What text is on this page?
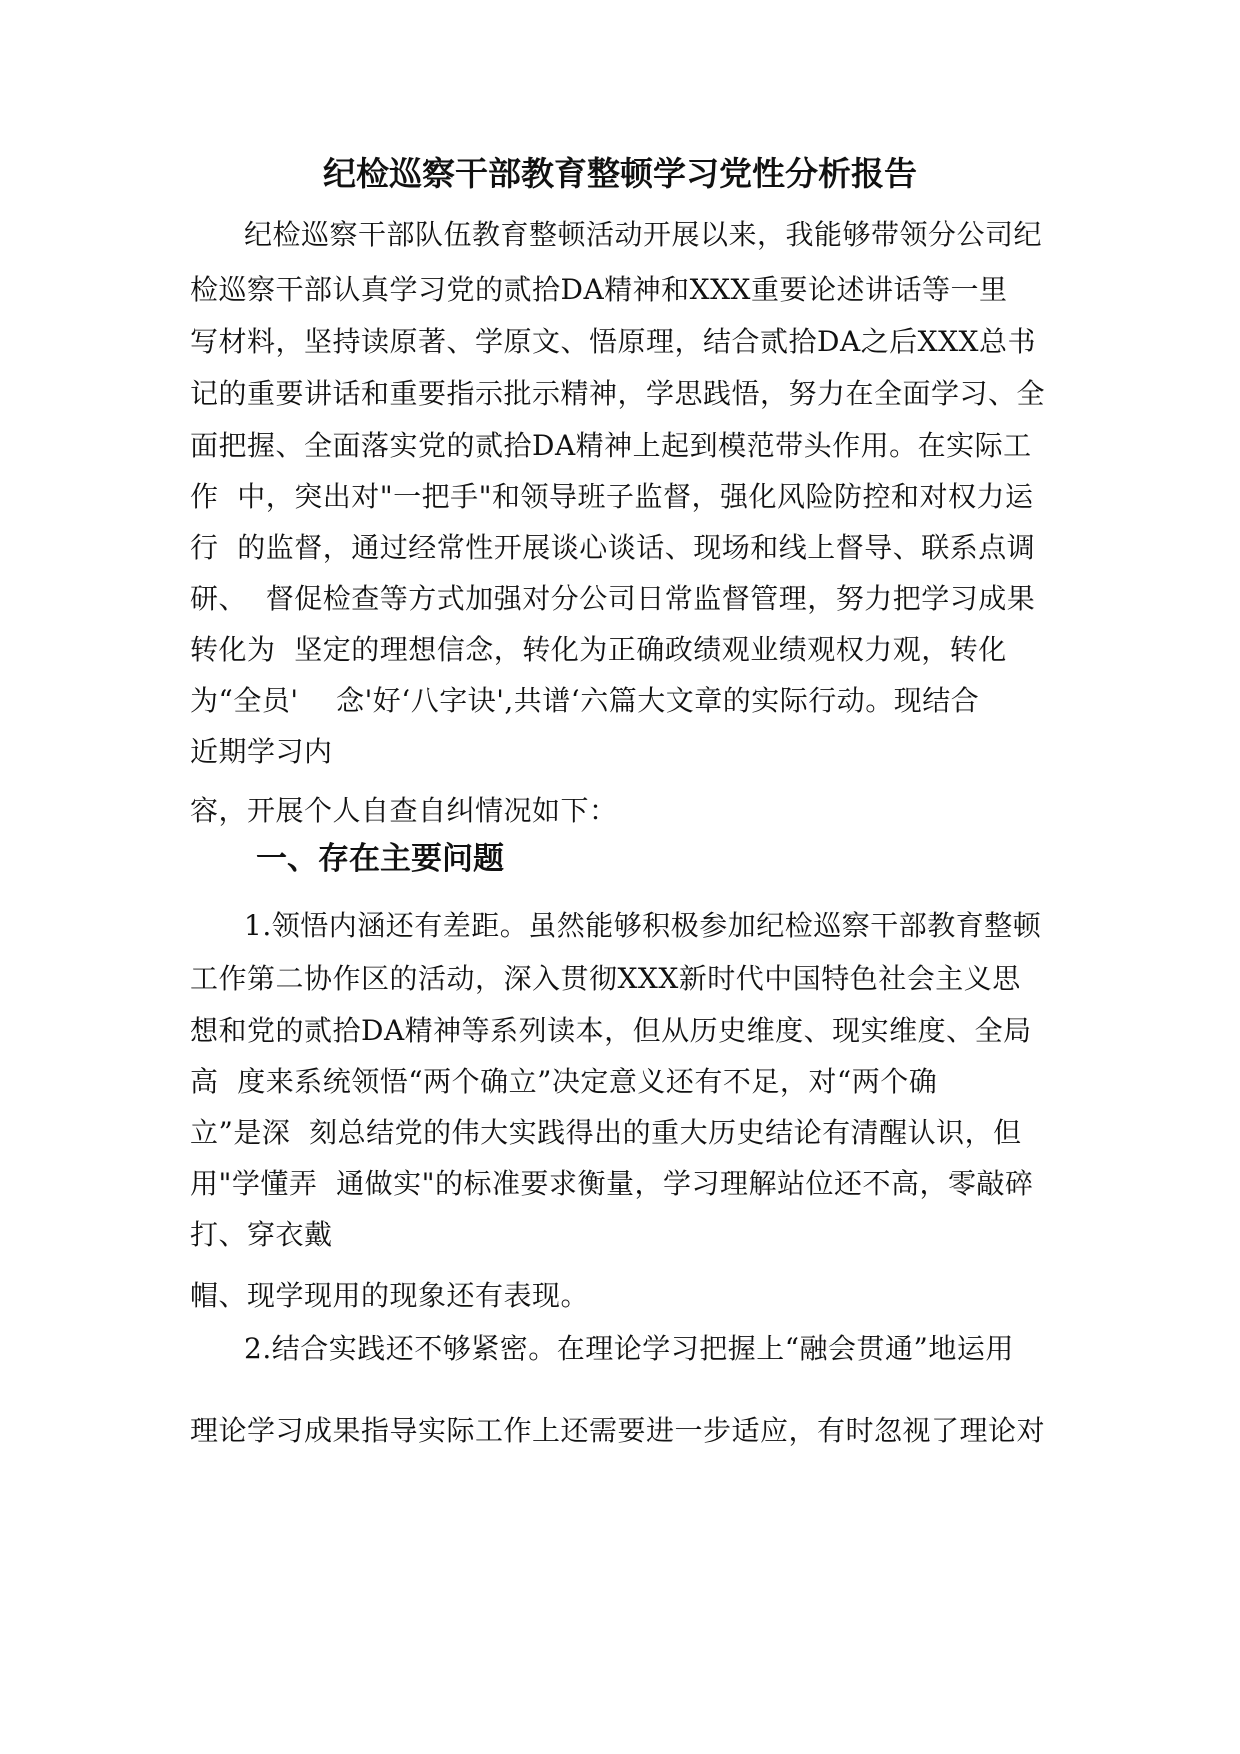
纪检巡察干部教育整顿学习党性分析报告
纪检巡察干部队伍教育整顿活动开展以来，我能够带领分公司纪
检巡察干部认真学习党的贰拾DA精神和XXX重要论述讲话等一里
写材料，坚持读原著、学原文、悟原理，结合贰拾DA之后XXX总书
记的重要讲话和重要指示批示精神，学思践悟，努力在全面学习、全
面把握、全面落实党的贰拾DA精神上起到模范带头作用。在实际工
作  中，突出对"一把手"和领导班子监督，强化风险防控和对权力运
行  的监督，通过经常性开展谈心谈话、现场和线上督导、联系点调
研、  督促检查等方式加强对分公司日常监督管理，努力把学习成果
转化为  坚定的理想信念，转化为正确政绩观业绩观权力观，转化
为“全员'    念'好‘八字诀',共谱‘六篇大文章的实际行动。现结合
近期学习内
容，开展个人自查自纠情况如下：
一、存在主要问题
1.领悟内涵还有差距。虽然能够积极参加纪检巡察干部教育整顿
工作第二协作区的活动，深入贯彻XXX新时代中国特色社会主义思
想和党的贰拾DA精神等系列读本，但从历史维度、现实维度、全局
高  度来系统领悟“两个确立”决定意义还有不足，对“两个确
立”是深  刻总结党的伟大实践得出的重大历史结论有清醒认识，但
用"学懂弄  通做实"的标准要求衡量，学习理解站位还不高，零敲碎
打、穿衣戴
帽、现学现用的现象还有表现。
2.结合实践还不够紧密。在理论学习把握上“融会贯通”地运用
理论学习成果指导实际工作上还需要进一步适应，有时忽视了理论对
